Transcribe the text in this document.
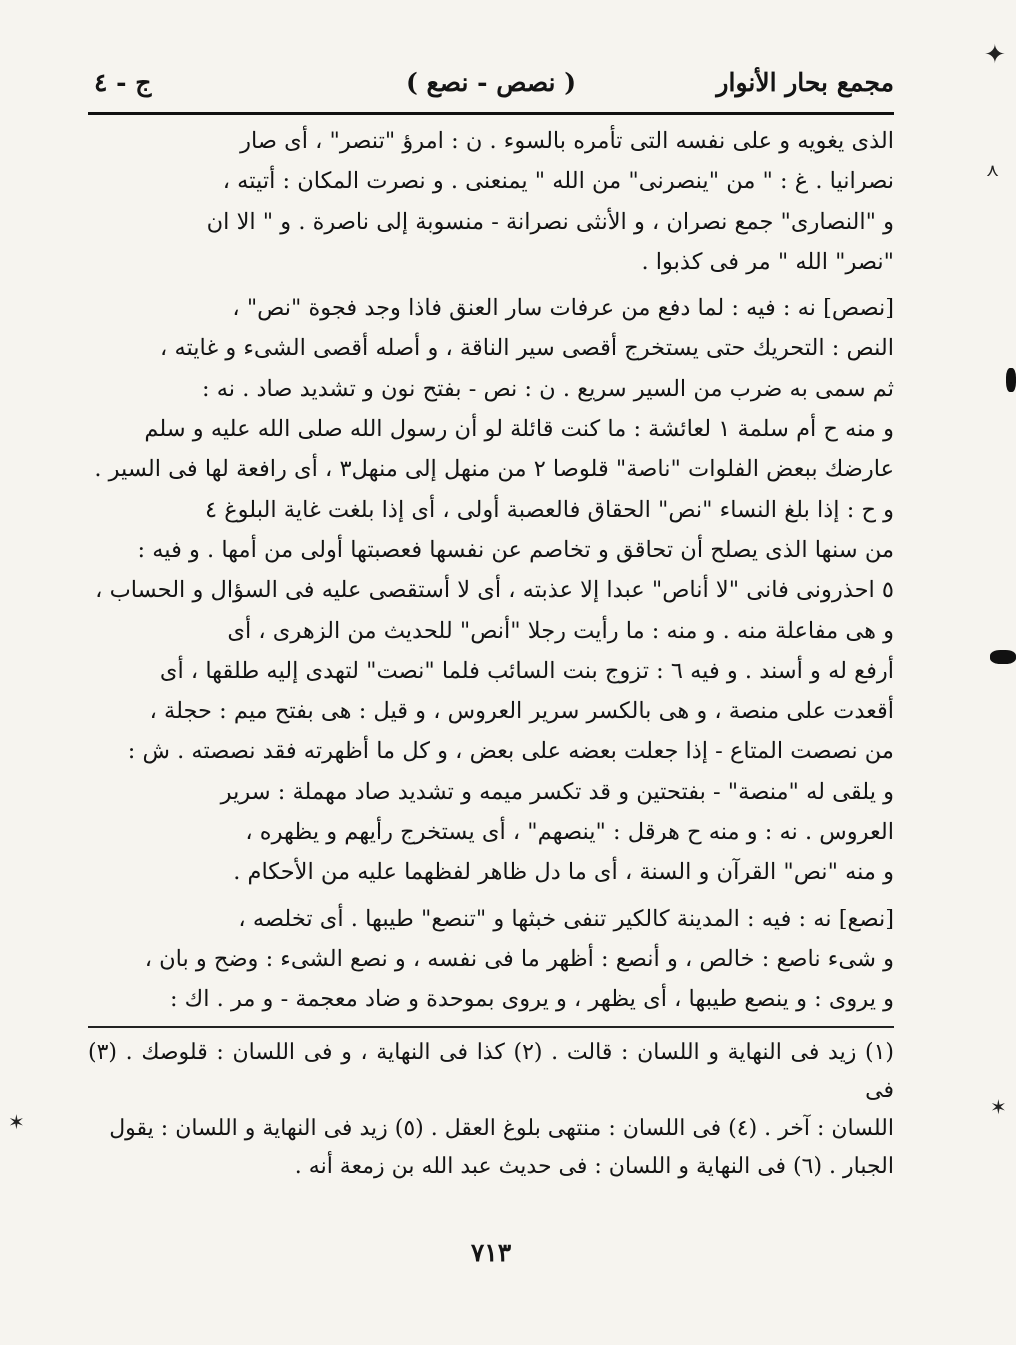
مجمع بحار الأنوار
( نصص - نصع )
ج - ٤

الذى يغويه و على نفسه التى تأمره بالسوء . ن : امرؤ "تنصر" ، أى صار

نصرانيا . غ : " من "ينصرنى" من الله " يمنعنى . و نصرت المكان : أتيته ،

و "النصارى" جمع نصران ، و الأنثى نصرانة - منسوبة إلى ناصرة . و " الا ان

"نصر" الله " مر فى كذبوا .

[نصص] نه : فيه : لما دفع من عرفات سار العنق فاذا وجد فجوة "نص" ،

النص : التحريك حتى يستخرج أقصى سير الناقة ، و أصله أقصى الشىء و غايته ،

ثم سمى به ضرب من السير سريع . ن : نص - بفتح نون و تشديد صاد . نه :

و منه ح أم سلمة ١ لعائشة : ما كنت قائلة لو أن رسول الله صلى الله عليه و سلم

عارضك ببعض الفلوات "ناصة" قلوصا ٢ من منهل إلى منهل٣ ، أى رافعة لها فى السير .

و ح : إذا بلغ النساء "نص" الحقاق فالعصبة أولى ، أى إذا بلغت غاية البلوغ ٤

من سنها الذى يصلح أن تحاقق و تخاصم عن نفسها فعصبتها أولى من أمها . و فيه :

٥ احذرونى فانى "لا أناص" عبدا إلا عذبته ، أى لا أستقصى عليه فى السؤال و الحساب ،

و هى مفاعلة منه . و منه : ما رأيت رجلا "أنص" للحديث من الزهرى ، أى

أرفع له و أسند . و فيه ٦ : تزوج بنت السائب فلما "نصت" لتهدى إليه طلقها ، أى

أقعدت على منصة ، و هى بالكسر سرير العروس ، و قيل : هى بفتح ميم : حجلة ،

من نصصت المتاع - إذا جعلت بعضه على بعض ، و كل ما أظهرته فقد نصصته . ش :

و يلقى له "منصة" - بفتحتين و قد تكسر ميمه و تشديد صاد مهملة : سرير

العروس . نه : و منه ح هرقل : "ينصهم" ، أى يستخرج رأيهم و يظهره ،

و منه "نص" القرآن و السنة ، أى ما دل ظاهر لفظهما عليه من الأحكام .

[نصع] نه : فيه : المدينة كالكير تنفى خبثها و "تنصع" طيبها . أى تخلصه ،

و شىء ناصع : خالص ، و أنصع : أظهر ما فى نفسه ، و نصع الشىء : وضح و بان ،

و يروى : و ينصع طيبها ، أى يظهر ، و يروى بموحدة و ضاد معجمة - و مر . اك :

(١) زيد فى النهاية و اللسان : قالت . (٢) كذا فى النهاية ، و فى اللسان : قلوصك . (٣) فى

اللسان : آخر . (٤) فى اللسان : منتهى بلوغ العقل . (٥) زيد فى النهاية و اللسان : يقول

الجبار . (٦) فى النهاية و اللسان : فى حديث عبد الله بن زمعة أنه .

٧١٣
✦
⋏
✶
✶
